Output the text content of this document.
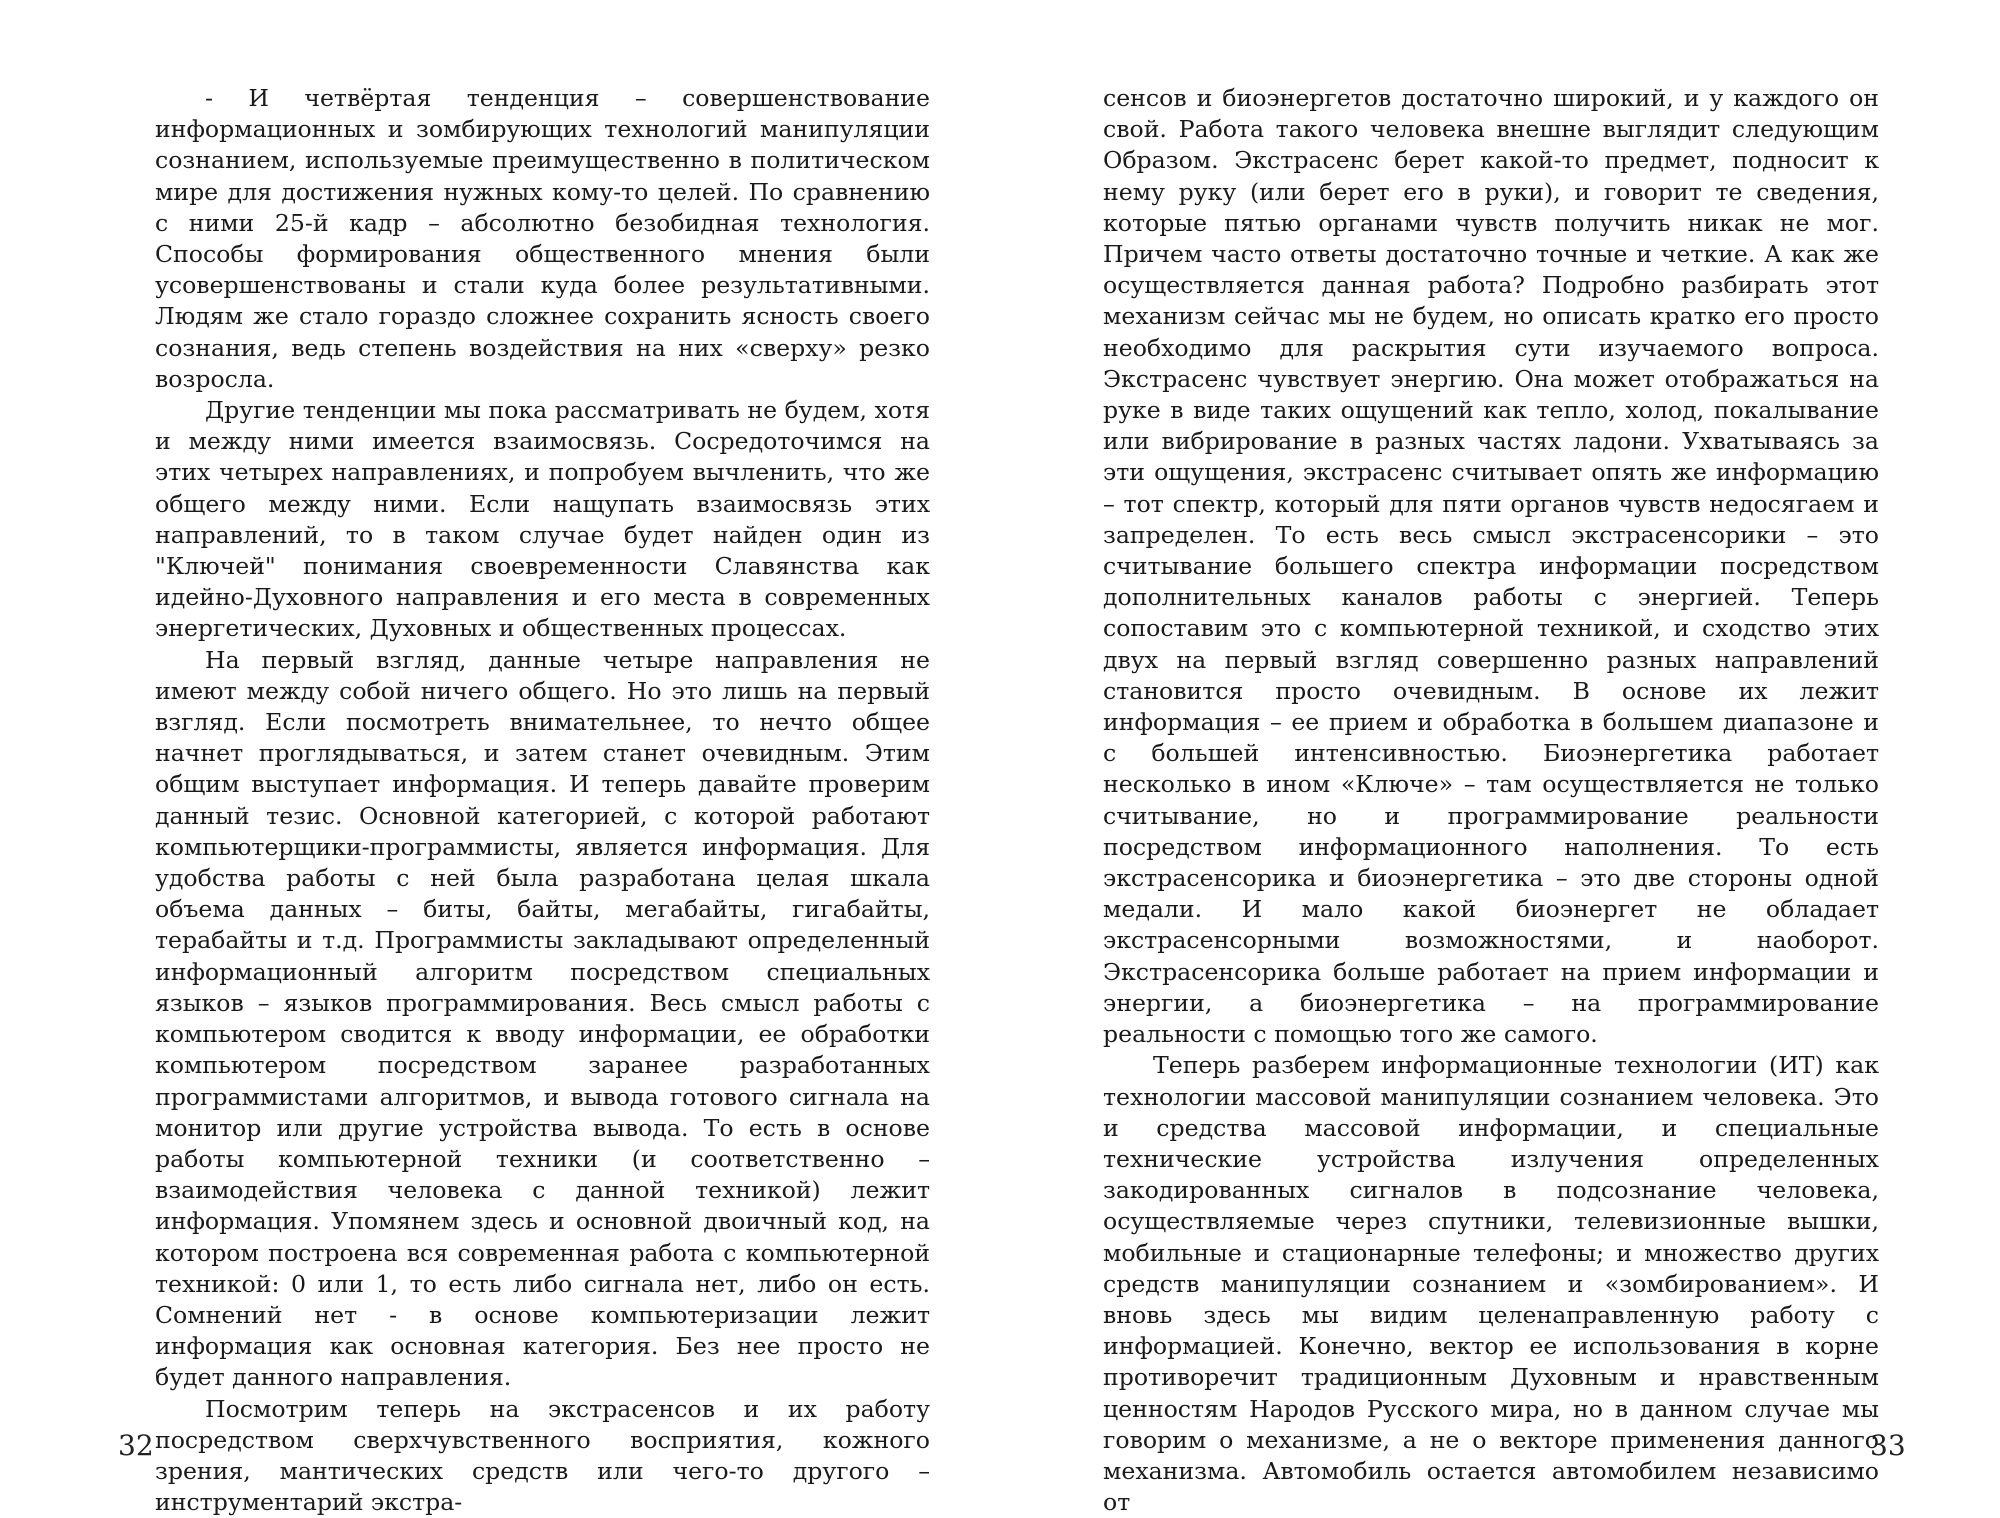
- И четвёртая тенденция – совершенствование информационных и зомбирующих технологий манипуляции сознанием, используемые преимущественно в политическом мире для достижения нужных кому-то целей. По сравнению с ними 25-й кадр – абсолютно безобидная технология. Способы формирования общественного мнения были усовершенствованы и стали куда более результативными. Людям же стало гораздо сложнее сохранить ясность своего сознания, ведь степень воздействия на них «сверху» резко возросла.

Другие тенденции мы пока рассматривать не будем, хотя и между ними имеется взаимосвязь. Сосредоточимся на этих четырех направлениях, и попробуем вычленить, что же общего между ними. Если нащупать взаимосвязь этих направлений, то в таком случае будет найден один из "Ключей" понимания своевременности Славянства как идейно-Духовного направления и его места в современных энергетических, Духовных и общественных процессах.

На первый взгляд, данные четыре направления не имеют между собой ничего общего. Но это лишь на первый взгляд. Если посмотреть внимательнее, то нечто общее начнет проглядываться, и затем станет очевидным. Этим общим выступает информация. И теперь давайте проверим данный тезис. Основной категорией, с которой работают компьютерщики-программисты, является информация. Для удобства работы с ней была разработана целая шкала объема данных – биты, байты, мегабайты, гигабайты, терабайты и т.д. Программисты закладывают определенный информационный алгоритм посредством специальных языков – языков программирования. Весь смысл работы с компьютером сводится к вводу информации, ее обработки компьютером посредством заранее разработанных программистами алгоритмов, и вывода готового сигнала на монитор или другие устройства вывода. То есть в основе работы компьютерной техники (и соответственно – взаимодействия человека с данной техникой) лежит информация. Упомянем здесь и основной двоичный код, на котором построена вся современная работа с компьютерной техникой: 0 или 1, то есть либо сигнала нет, либо он есть. Сомнений нет - в основе компьютеризации лежит информация как основная категория. Без нее просто не будет данного направления.

Посмотрим теперь на экстрасенсов и их работу посредством сверхчувственного восприятия, кожного зрения, мантических средств или чего-то другого – инструментарий экстра-

сенсов и биоэнергетов достаточно широкий, и у каждого он свой. Работа такого человека внешне выглядит следующим Образом. Экстрасенс берет какой-то предмет, подносит к нему руку (или берет его в руки), и говорит те сведения, которые пятью органами чувств получить никак не мог. Причем часто ответы достаточно точные и четкие. А как же осуществляется данная работа? Подробно разбирать этот механизм сейчас мы не будем, но описать кратко его просто необходимо для раскрытия сути изучаемого вопроса. Экстрасенс чувствует энергию. Она может отображаться на руке в виде таких ощущений как тепло, холод, покалывание или вибрирование в разных частях ладони. Ухватываясь за эти ощущения, экстрасенс считывает опять же информацию – тот спектр, который для пяти органов чувств недосягаем и запределен. То есть весь смысл экстрасенсорики – это считывание большего спектра информации посредством дополнительных каналов работы с энергией. Теперь сопоставим это с компьютерной техникой, и сходство этих двух на первый взгляд совершенно разных направлений становится просто очевидным. В основе их лежит информация – ее прием и обработка в большем диапазоне и с большей интенсивностью. Биоэнергетика работает несколько в ином «Ключе» – там осуществляется не только считывание, но и программирование реальности посредством информационного наполнения. То есть экстрасенсорика и биоэнергетика – это две стороны одной медали. И мало какой биоэнергет не обладает экстрасенсорными возможностями, и наоборот. Экстрасенсорика больше работает на прием информации и энергии, а биоэнергетика – на программирование реальности с помощью того же самого.

Теперь разберем информационные технологии (ИТ) как технологии массовой манипуляции сознанием человека. Это и средства массовой информации, и специальные технические устройства излучения определенных закодированных сигналов в подсознание человека, осуществляемые через спутники, телевизионные вышки, мобильные и стационарные телефоны; и множество других средств манипуляции сознанием и «зомбированием». И вновь здесь мы видим целенаправленную работу с информацией. Конечно, вектор ее использования в корне противоречит традиционным Духовным и нравственным ценностям Народов Русского мира, но в данном случае мы говорим о механизме, а не о векторе применения данного механизма. Автомобиль остается автомобилем независимо от

32	33
